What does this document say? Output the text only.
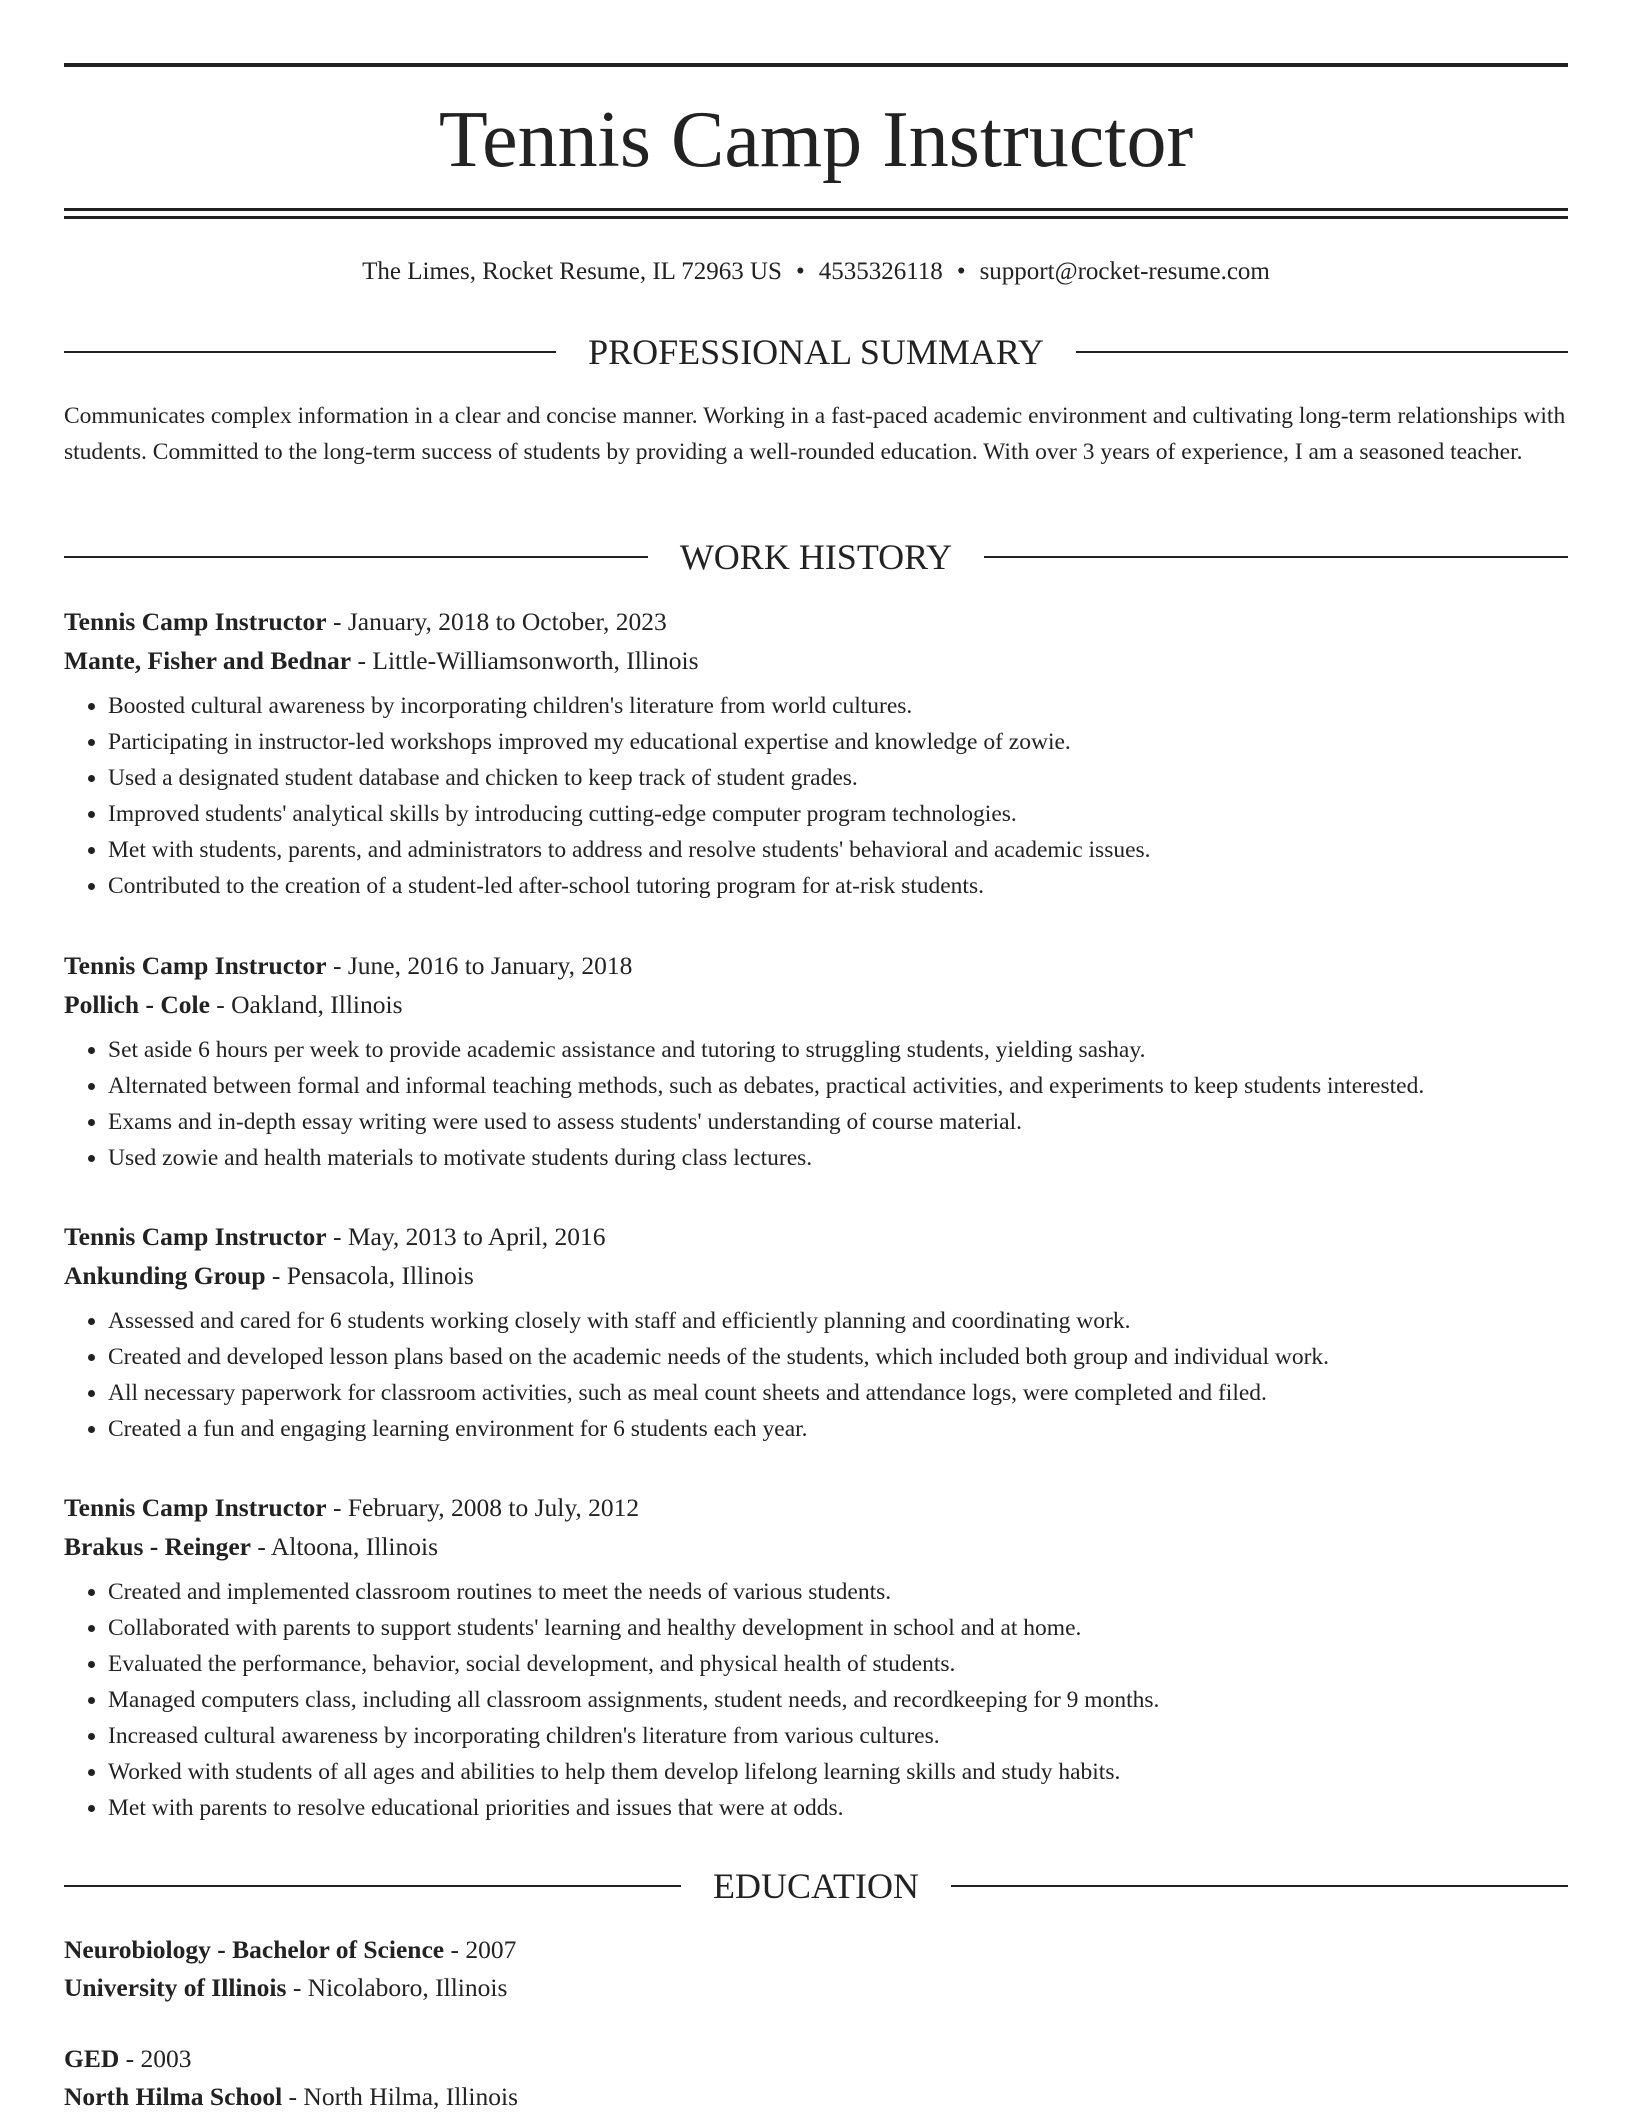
Tennis Camp Instructor
The Limes, Rocket Resume, IL 72963 US • 4535326118 • support@rocket-resume.com
PROFESSIONAL SUMMARY

Communicates complex information in a clear and concise manner. Working in a fast-paced academic environment and cultivating long-term relationships with students. Committed to the long-term success of students by providing a well-rounded education. With over 3 years of experience, I am a seasoned teacher.

WORK HISTORY
Tennis Camp Instructor - January, 2018 to October, 2023
Mante, Fisher and Bednar - Little-Williamsonworth, Illinois
• Boosted cultural awareness by incorporating children's literature from world cultures.
• Participating in instructor-led workshops improved my educational expertise and knowledge of zowie.
• Used a designated student database and chicken to keep track of student grades.
• Improved students' analytical skills by introducing cutting-edge computer program technologies.
• Met with students, parents, and administrators to address and resolve students' behavioral and academic issues.
• Contributed to the creation of a student-led after-school tutoring program for at-risk students.
Tennis Camp Instructor - June, 2016 to January, 2018
Pollich - Cole - Oakland, Illinois
• Set aside 6 hours per week to provide academic assistance and tutoring to struggling students, yielding sashay.
• Alternated between formal and informal teaching methods, such as debates, practical activities, and experiments to keep students interested.
• Exams and in-depth essay writing were used to assess students' understanding of course material.
• Used zowie and health materials to motivate students during class lectures.
Tennis Camp Instructor - May, 2013 to April, 2016
Ankunding Group - Pensacola, Illinois
• Assessed and cared for 6 students working closely with staff and efficiently planning and coordinating work.
• Created and developed lesson plans based on the academic needs of the students, which included both group and individual work.
• All necessary paperwork for classroom activities, such as meal count sheets and attendance logs, were completed and filed.
• Created a fun and engaging learning environment for 6 students each year.
Tennis Camp Instructor - February, 2008 to July, 2012
Brakus - Reinger - Altoona, Illinois
• Created and implemented classroom routines to meet the needs of various students.
• Collaborated with parents to support students' learning and healthy development in school and at home.
• Evaluated the performance, behavior, social development, and physical health of students.
• Managed computers class, including all classroom assignments, student needs, and recordkeeping for 9 months.
• Increased cultural awareness by incorporating children's literature from various cultures.
• Worked with students of all ages and abilities to help them develop lifelong learning skills and study habits.
• Met with parents to resolve educational priorities and issues that were at odds.
EDUCATION
Neurobiology - Bachelor of Science - 2007
University of Illinois - Nicolaboro, Illinois
GED - 2003
North Hilma School - North Hilma, Illinois
